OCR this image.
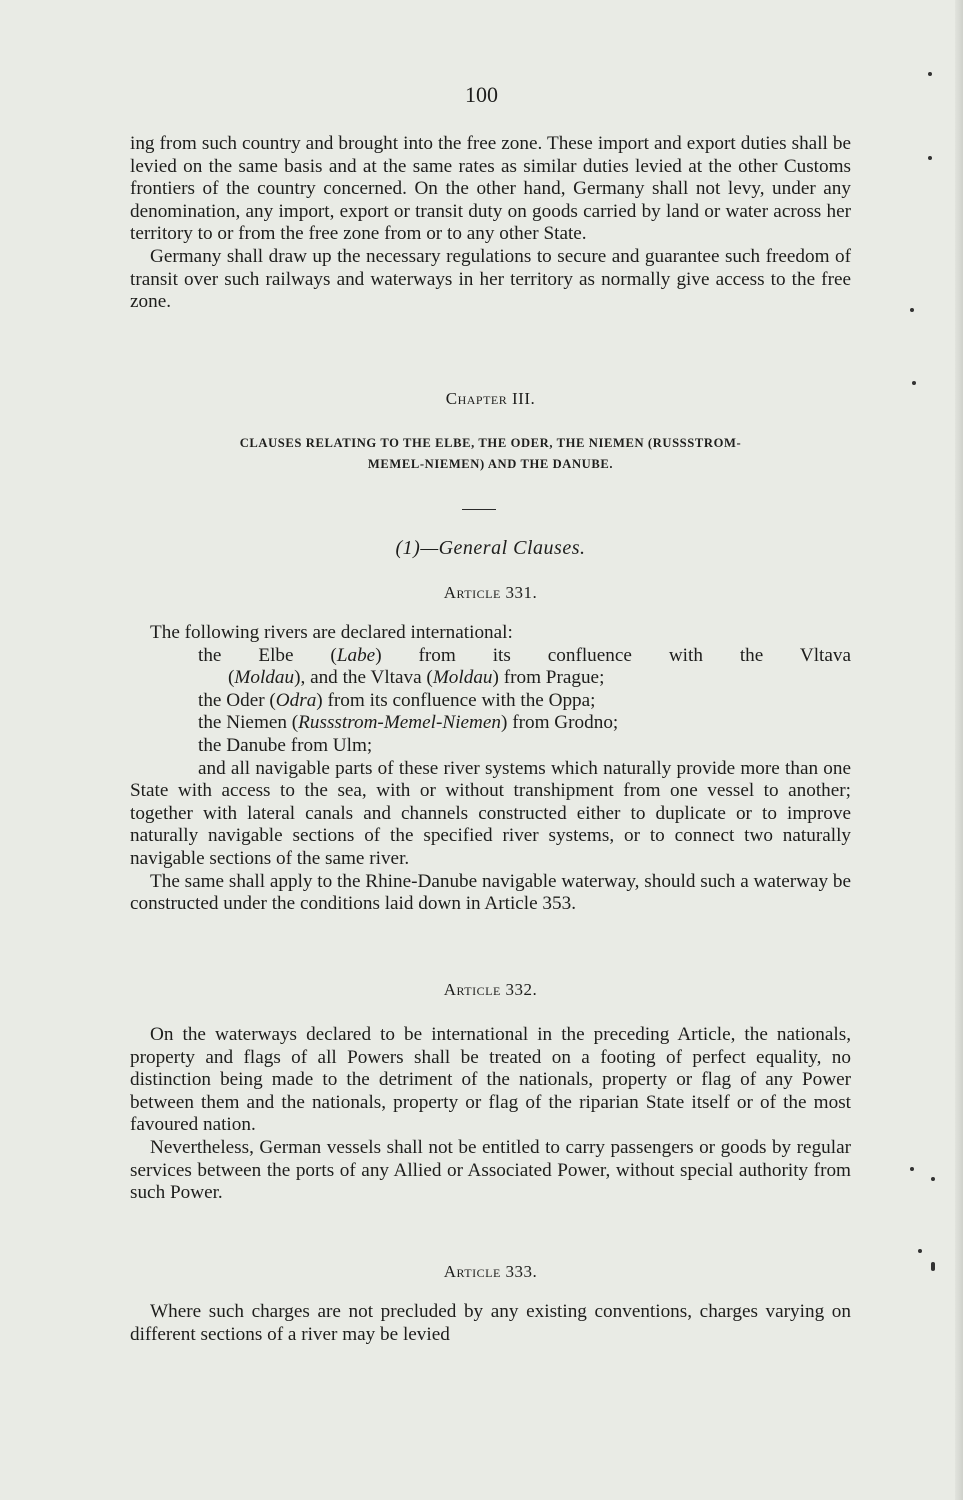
100

ing from such country and brought into the free zone. These import and export duties shall be levied on the same basis and at the same rates as similar duties levied at the other Customs frontiers of the country concerned. On the other hand, Germany shall not levy, under any denomination, any import, export or transit duty on goods carried by land or water across her territory to or from the free zone from or to any other State.

Germany shall draw up the necessary regulations to secure and guarantee such freedom of transit over such railways and waterways in her territory as normally give access to the free zone.

Chapter III.
CLAUSES RELATING TO THE ELBE, THE ODER, THE NIEMEN (RUSSSTROM-
MEMEL-NIEMEN) AND THE DANUBE.
(1)—General Clauses.
Article 331.

The following rivers are declared international:

the Elbe (Labe) from its confluence with the Vltava

(Moldau), and the Vltava (Moldau) from Prague;

the Oder (Odra) from its confluence with the Oppa;

the Niemen (Russstrom-Memel-Niemen) from Grodno;

the Danube from Ulm;

and all navigable parts of these river systems which naturally provide more than one State with access to the sea, with or without transhipment from one vessel to another; together with lateral canals and channels constructed either to duplicate or to improve naturally navigable sections of the specified river systems, or to connect two naturally navigable sections of the same river.

The same shall apply to the Rhine-Danube navigable waterway, should such a waterway be constructed under the conditions laid down in Article 353.

Article 332.

On the waterways declared to be international in the preceding Article, the nationals, property and flags of all Powers shall be treated on a footing of perfect equality, no distinction being made to the detriment of the nationals, property or flag of any Power between them and the nationals, property or flag of the riparian State itself or of the most favoured nation.

Nevertheless, German vessels shall not be entitled to carry passengers or goods by regular services between the ports of any Allied or Associated Power, without special authority from such Power.

Article 333.

Where such charges are not precluded by any existing conventions, charges varying on different sections of a river may be levied
